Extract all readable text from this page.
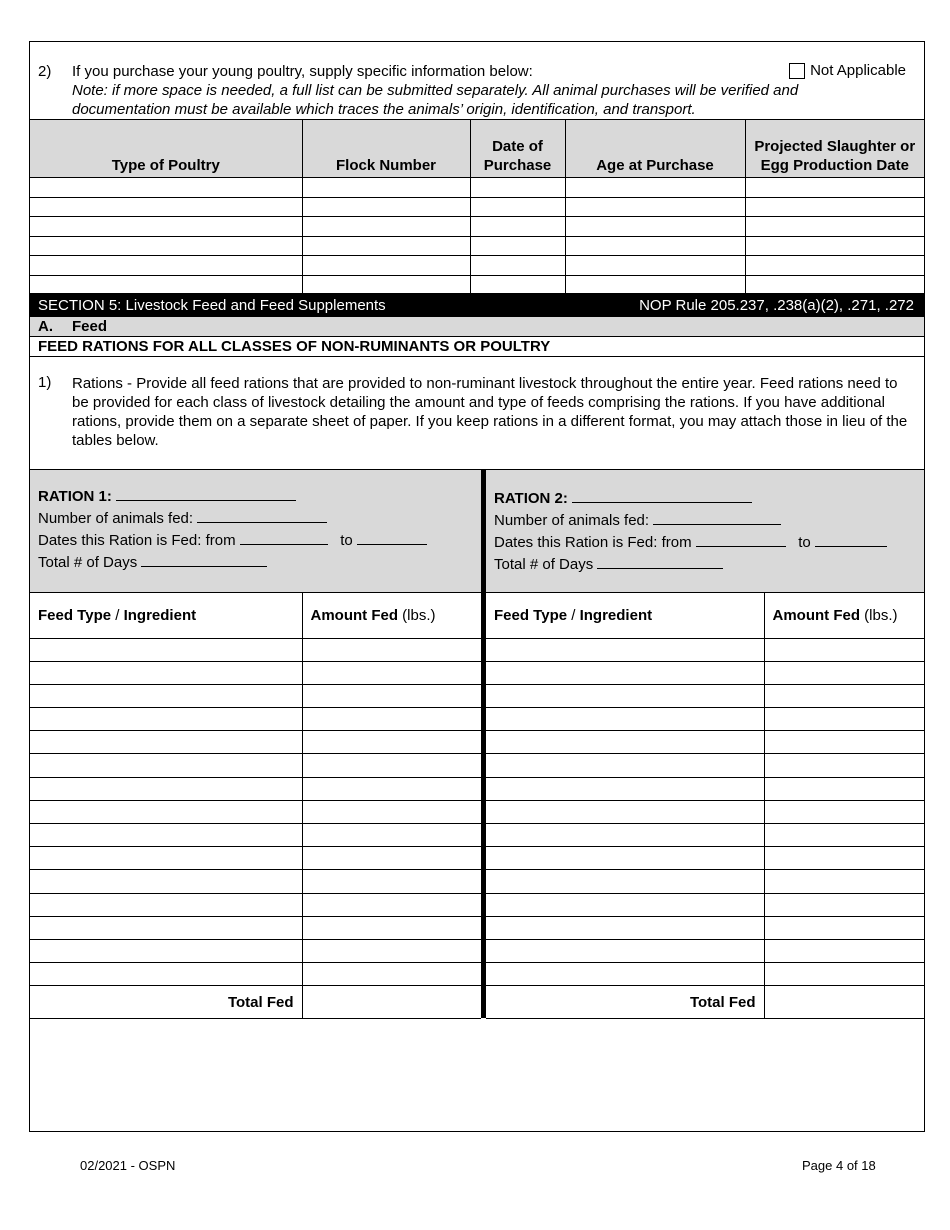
2) If you purchase your young poultry, supply specific information below:	Not Applicable
Note: if more space is needed, a full list can be submitted separately. All animal purchases will be verified and documentation must be available which traces the animals’ origin, identification, and transport.
Type of Poultry	Flock Number	Date of Purchase	Age at Purchase	Projected Slaughter or Egg Production Date

SECTION 5: Livestock Feed and Feed Supplements	NOP Rule 205.237, .238(a)(2), .271, .272
A. Feed
FEED RATIONS FOR ALL CLASSES OF NON-RUMINANTS OR POULTRY
1) Rations - Provide all feed rations that are provided to non-ruminant livestock throughout the entire year. Feed rations need to be provided for each class of livestock detailing the amount and type of feeds comprising the rations. If you have additional rations, provide them on a separate sheet of paper. If you keep rations in a different format, you may attach those in lieu of the tables below.
RATION 1:
Number of animals fed:
Dates this Ration is Fed: from	to
Total # of Days
RATION 2:
Number of animals fed:
Dates this Ration is Fed: from	to
Total # of Days
Feed Type / Ingredient	Amount Fed (lbs.)

Total Fed	
Feed Type / Ingredient	Amount Fed (lbs.)

Total Fed	
02/2021 - OSPN	Page 4 of 18
